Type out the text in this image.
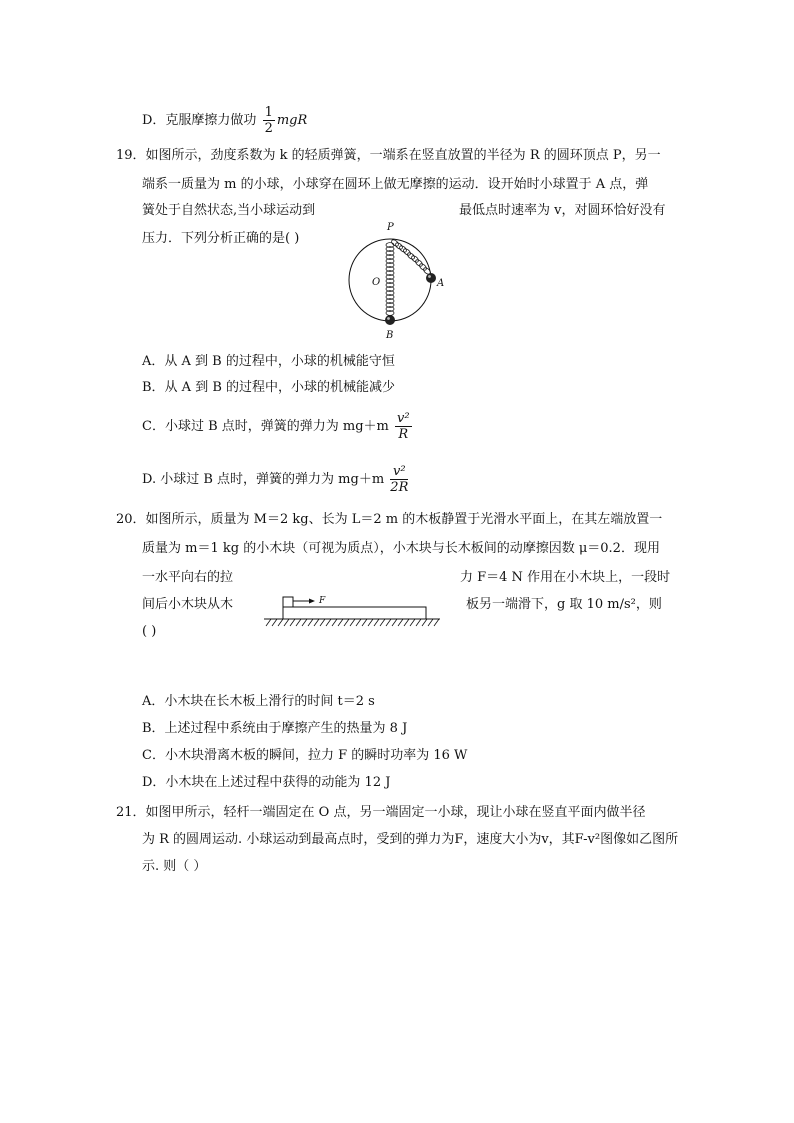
D．克服摩擦力做功 $\frac{1}{2}$ mgR
19．如图所示，劲度系数为 k 的轻质弹簧，一端系在竖直放置的半径为 R 的圆环顶点 P，另一
端系一质量为 m 的小球，小球穿在圆环上做无摩擦的运动．设开始时小球置于 A 点，弹
簧处于自然状态,当小球运动到	最低点时速率为 v，对圆环恰好没有
压力．下列分析正确的是( )
P
O	A
B
A．从 A 到 B 的过程中，小球的机械能守恒
B．从 A 到 B 的过程中，小球的机械能减少
C．小球过 B 点时，弹簧的弹力为 $mg+m \frac{\text{v²}}{R}$
D. 小球过 B 点时，弹簧的弹力为 $mg+m \frac{\text{v²}}{2R}$
20．如图所示，质量为 M＝2 kg、长为 L＝2 m 的木板静置于光滑水平面上，在其左端放置一
质量为 m＝1 kg 的小木块（可视为质点），小木块与长木板间的动摩擦因数 μ＝0.2．现用
一水平向右的拉	力 F＝4 N 作用在小木块上，一段时
间后小木块从木	板另一端滑下，g 取 10 m/s²，则
( )
F
A．小木块在长木板上滑行的时间 t＝2 s
B．上述过程中系统由于摩擦产生的热量为 8 J
C．小木块滑离木板的瞬间，拉力 F 的瞬时功率为 16 W
D．小木块在上述过程中获得的动能为 12 J
21．如图甲所示，轻杆一端固定在 O 点，另一端固定一小球，现让小球在竖直平面内做半径
为 R 的圆周运动. 小球运动到最高点时，受到的弹力为F，速度大小为v，其F-v²图像如乙图所
示. 则（ ）
